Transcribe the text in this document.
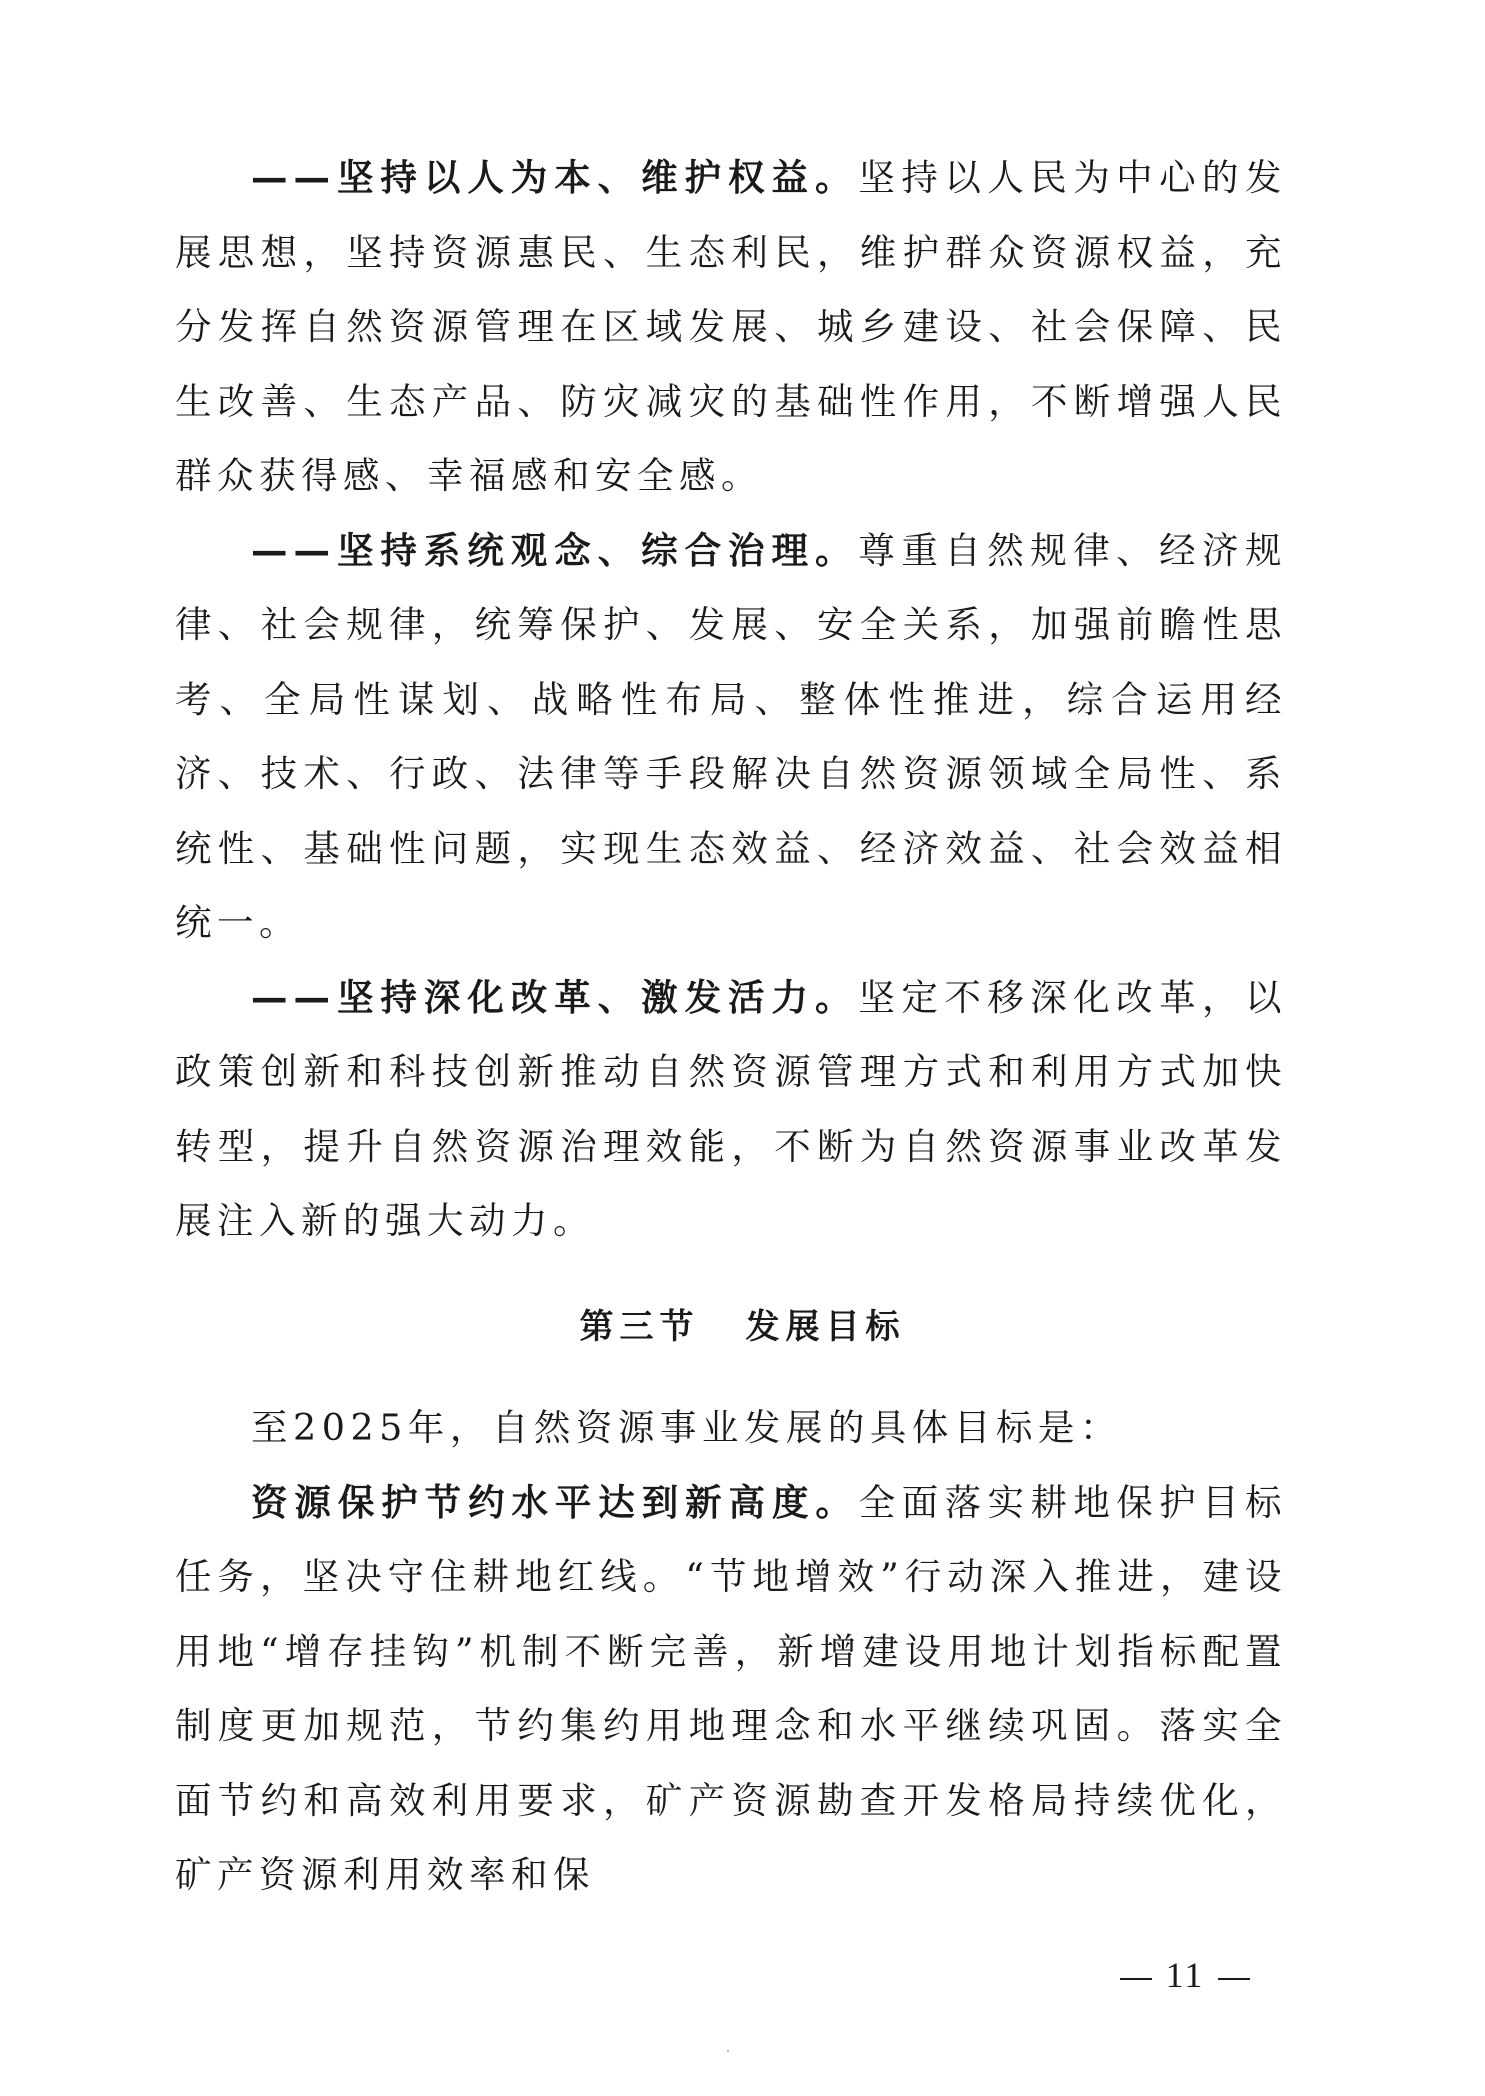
——坚持以人为本、维护权益。坚持以人民为中心的发展思想，坚持资源惠民、生态利民，维护群众资源权益，充分发挥自然资源管理在区域发展、城乡建设、社会保障、民生改善、生态产品、防灾减灾的基础性作用，不断增强人民群众获得感、幸福感和安全感。

——坚持系统观念、综合治理。尊重自然规律、经济规律、社会规律，统筹保护、发展、安全关系，加强前瞻性思考、全局性谋划、战略性布局、整体性推进，综合运用经济、技术、行政、法律等手段解决自然资源领域全局性、系统性、基础性问题，实现生态效益、经济效益、社会效益相统一。

——坚持深化改革、激发活力。坚定不移深化改革，以政策创新和科技创新推动自然资源管理方式和利用方式加快转型，提升自然资源治理效能，不断为自然资源事业改革发展注入新的强大动力。

第三节 发展目标

至2025年，自然资源事业发展的具体目标是：

资源保护节约水平达到新高度。全面落实耕地保护目标任务，坚决守住耕地红线。“节地增效”行动深入推进，建设用地“增存挂钩”机制不断完善，新增建设用地计划指标配置制度更加规范，节约集约用地理念和水平继续巩固。落实全面节约和高效利用要求，矿产资源勘查开发格局持续优化，矿产资源利用效率和保

11
